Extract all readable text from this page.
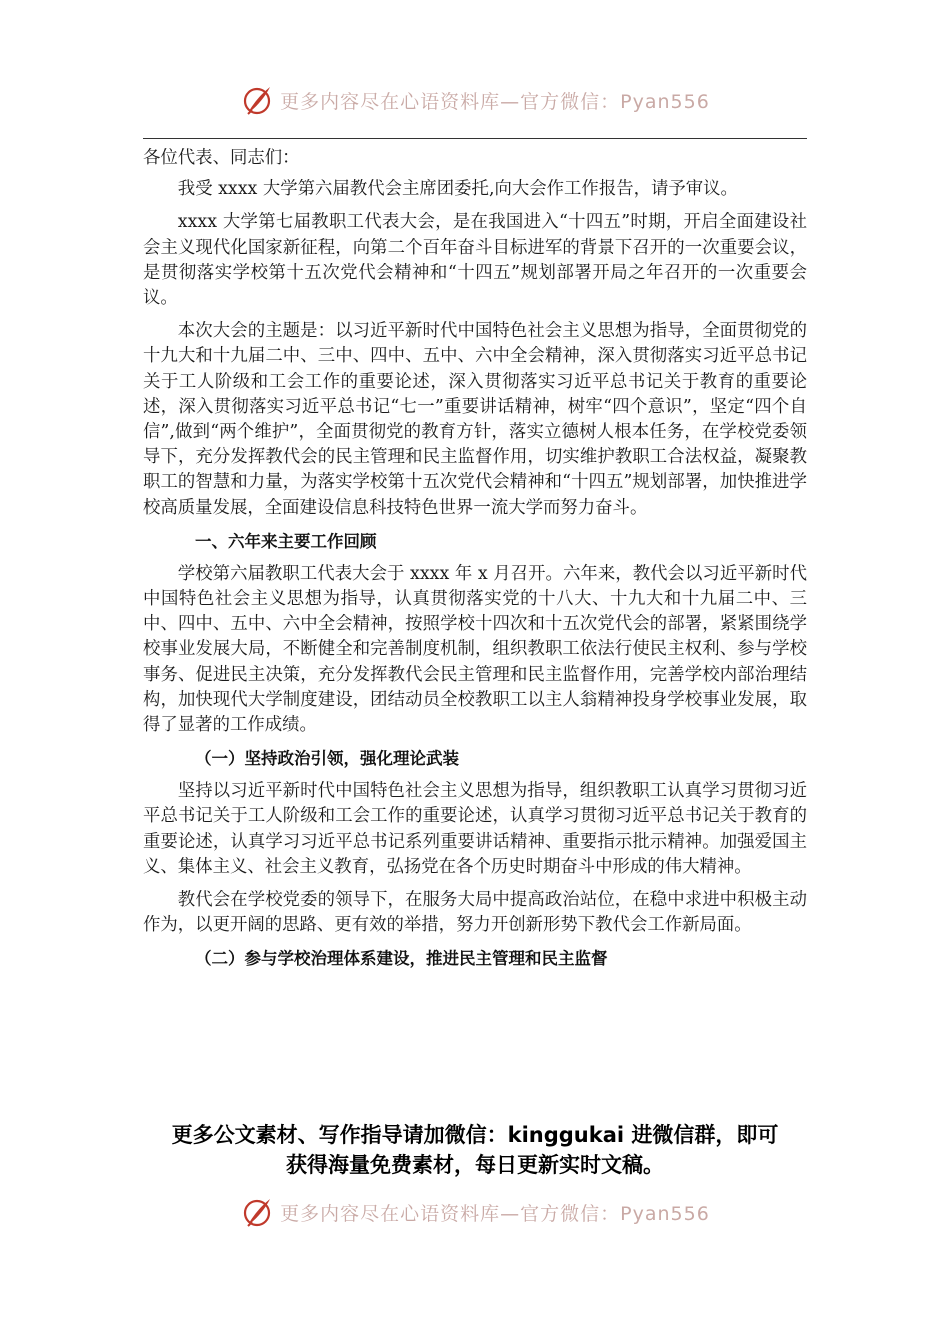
更多内容尽在心语资料库—官方微信：Pyan556

各位代表、同志们：

我受 xxxx 大学第六届教代会主席团委托,向大会作工作报告，请予审议。

xxxx 大学第七届教职工代表大会，是在我国进入“十四五”时期，开启全面建设社会主义现代化国家新征程，向第二个百年奋斗目标进军的背景下召开的一次重要会议，是贯彻落实学校第十五次党代会精神和“十四五”规划部署开局之年召开的一次重要会议。

本次大会的主题是：以习近平新时代中国特色社会主义思想为指导，全面贯彻党的十九大和十九届二中、三中、四中、五中、六中全会精神，深入贯彻落实习近平总书记关于工人阶级和工会工作的重要论述，深入贯彻落实习近平总书记关于教育的重要论述，深入贯彻落实习近平总书记“七一”重要讲话精神，树牢“四个意识”，坚定“四个自信”,做到“两个维护”，全面贯彻党的教育方针，落实立德树人根本任务，在学校党委领导下，充分发挥教代会的民主管理和民主监督作用，切实维护教职工合法权益，凝聚教职工的智慧和力量，为落实学校第十五次党代会精神和“十四五”规划部署，加快推进学校高质量发展，全面建设信息科技特色世界一流大学而努力奋斗。

一、六年来主要工作回顾

学校第六届教职工代表大会于 xxxx 年 x 月召开。六年来，教代会以习近平新时代中国特色社会主义思想为指导，认真贯彻落实党的十八大、十九大和十九届二中、三中、四中、五中、六中全会精神，按照学校十四次和十五次党代会的部署，紧紧围绕学校事业发展大局，不断健全和完善制度机制，组织教职工依法行使民主权利、参与学校事务、促进民主决策，充分发挥教代会民主管理和民主监督作用，完善学校内部治理结构，加快现代大学制度建设，团结动员全校教职工以主人翁精神投身学校事业发展，取得了显著的工作成绩。

（一）坚持政治引领，强化理论武装

坚持以习近平新时代中国特色社会主义思想为指导，组织教职工认真学习贯彻习近平总书记关于工人阶级和工会工作的重要论述，认真学习贯彻习近平总书记关于教育的重要论述，认真学习习近平总书记系列重要讲话精神、重要指示批示精神。加强爱国主义、集体主义、社会主义教育，弘扬党在各个历史时期奋斗中形成的伟大精神。

教代会在学校党委的领导下，在服务大局中提高政治站位，在稳中求进中积极主动作为，以更开阔的思路、更有效的举措，努力开创新形势下教代会工作新局面。

（二）参与学校治理体系建设，推进民主管理和民主监督
更多公文素材、写作指导请加微信：kinggukai 进微信群，即可
获得海量免费素材，每日更新实时文稿。
更多内容尽在心语资料库—官方微信：Pyan556
